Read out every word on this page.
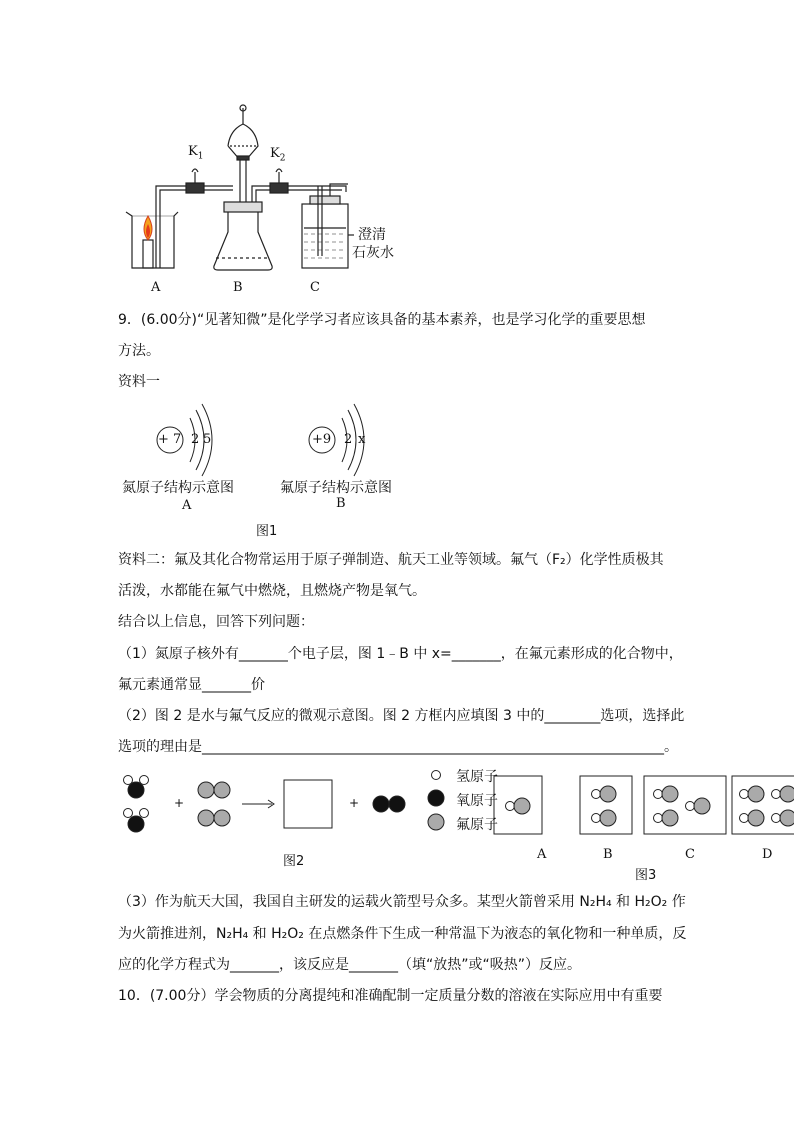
$K_1$	$K_2$
A	B	C
澄清
石灰水
9．(6.00分)“见著知微”是化学学习者应该具备的基本素养，也是学习化学的重要思想
方法。
资料一
+ 7 2 5	+9 2 x
氮原子结构示意图	氟原子结构示意图
A	B
图1
资料二：氟及其化合物常运用于原子弹制造、航天工业等领域。氟气（F₂）化学性质极其
活泼，水都能在氟气中燃烧，且燃烧产物是氧气。
结合以上信息，回答下列问题：
（1）氮原子核外有_______个电子层，图 1﹣B 中 x=_______，在氟元素形成的化合物中，
氟元素通常显_______价
（2）图 2 是水与氟气反应的微观示意图。图 2 方框内应填图 3 中的________选项，选择此
选项的理由是__________________________________________________________________。
+	+
氢原子
氧原子
氟原子
图2	A	B	C	D
图3
（3）作为航天大国，我国自主研发的运载火箭型号众多。某型火箭曾采用 N₂H₄ 和 H₂O₂ 作
为火箭推进剂，N₂H₄ 和 H₂O₂ 在点燃条件下生成一种常温下为液态的氧化物和一种单质，反
应的化学方程式为_______，该反应是_______（填“放热”或“吸热”）反应。
10．(7.00分）学会物质的分离提纯和准确配制一定质量分数的溶液在实际应用中有重要
